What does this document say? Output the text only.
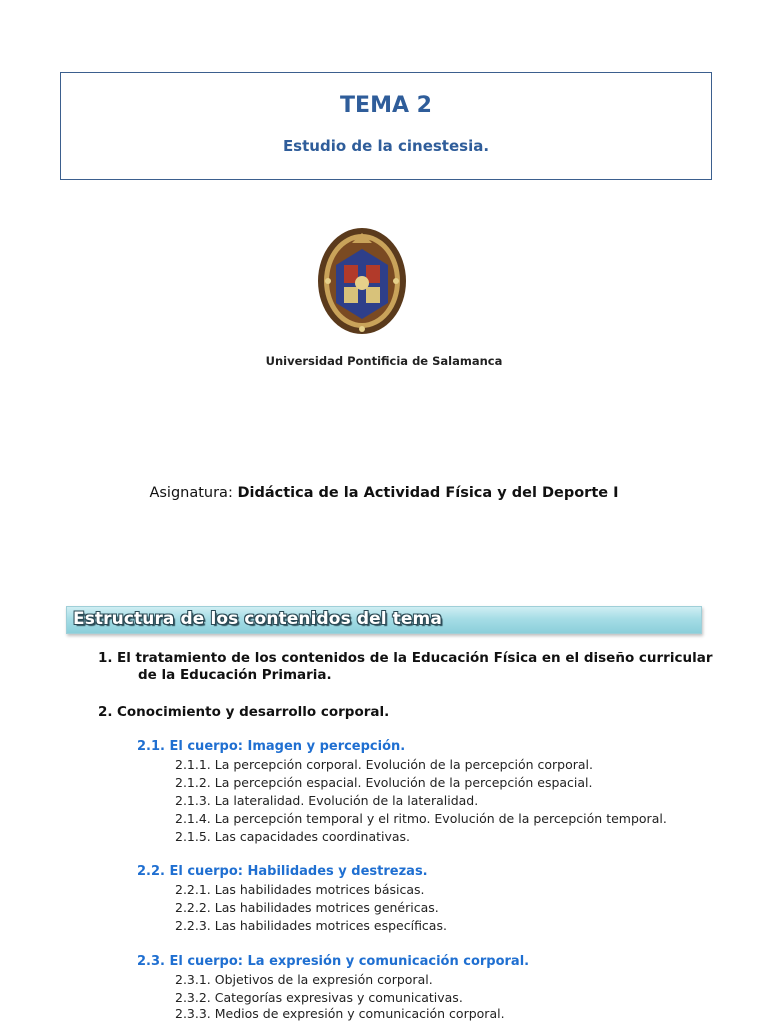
TEMA 2
Estudio de la cinestesia.
Universidad Pontificia de Salamanca
Asignatura: Didáctica de la Actividad Física y del Deporte I
Estructura de los contenidos del tema
1. El tratamiento de los contenidos de la Educación Física en el diseño curricular
de la Educación Primaria.
2. Conocimiento y desarrollo corporal.
2.1. El cuerpo: Imagen y percepción.
2.1.1. La percepción corporal. Evolución de la percepción corporal.
2.1.2. La percepción espacial. Evolución de la percepción espacial.
2.1.3. La lateralidad. Evolución de la lateralidad.
2.1.4. La percepción temporal y el ritmo. Evolución de la percepción temporal.
2.1.5. Las capacidades coordinativas.
2.2. El cuerpo: Habilidades y destrezas.
2.2.1. Las habilidades motrices básicas.
2.2.2. Las habilidades motrices genéricas.
2.2.3. Las habilidades motrices específicas.
2.3. El cuerpo: La expresión y comunicación corporal.
2.3.1. Objetivos de la expresión corporal.
2.3.2. Categorías expresivas y comunicativas.
2.3.3. Medios de expresión y comunicación corporal.
